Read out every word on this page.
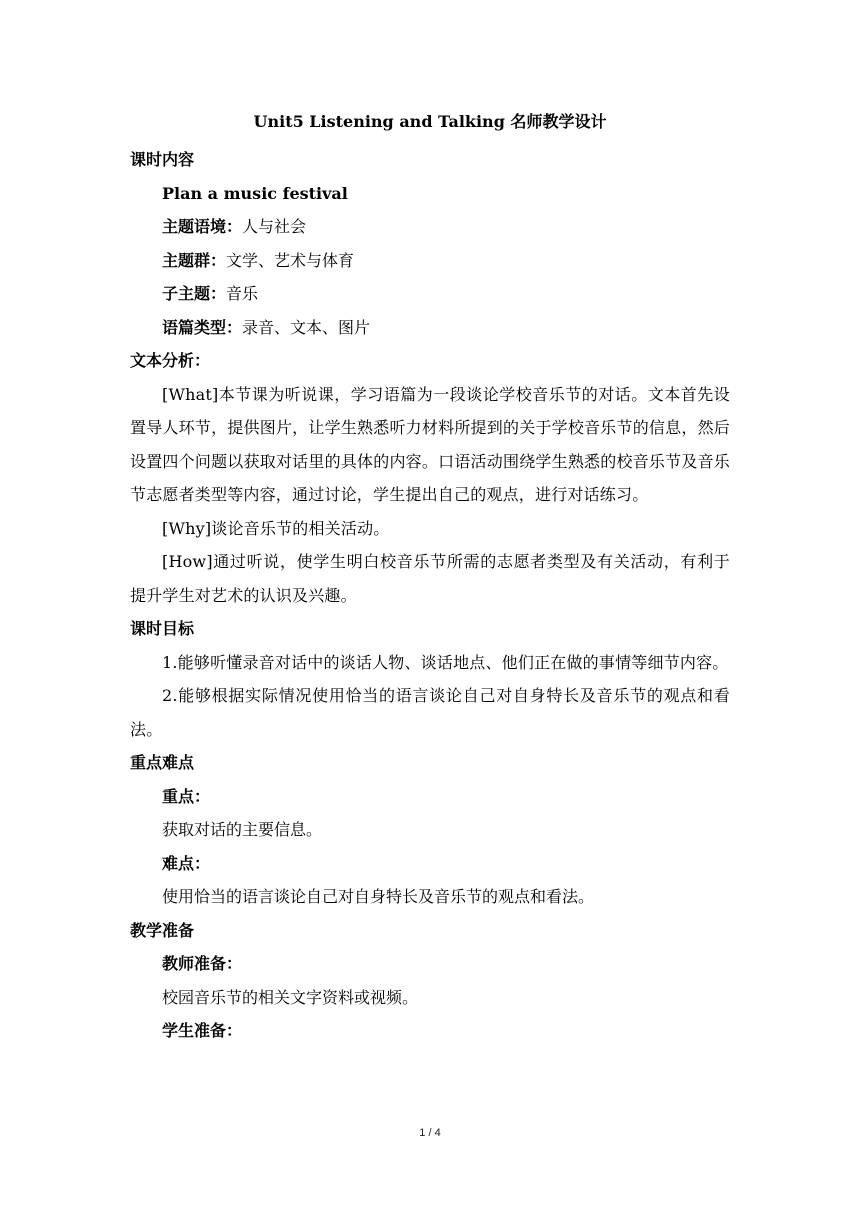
Unit5 Listening and Talking 名师教学设计
课时内容
Plan a music festival
主题语境：人与社会
主题群：文学、艺术与体育
子主题：音乐
语篇类型：录音、文本、图片
文本分析：
[What]本节课为听说课，学习语篇为一段谈论学校音乐节的对话。文本首先设置导人环节，提供图片，让学生熟悉听力材料所提到的关于学校音乐节的信息，然后设置四个问题以获取对话里的具体的内容。口语活动围绕学生熟悉的校音乐节及音乐节志愿者类型等内容，通过讨论，学生提出自己的观点，进行对话练习。
[Why]谈论音乐节的相关活动。
[How]通过听说，使学生明白校音乐节所需的志愿者类型及有关活动，有利于提升学生对艺术的认识及兴趣。
课时目标
1.能够听懂录音对话中的谈话人物、谈话地点、他们正在做的事情等细节内容。
2.能够根据实际情况使用恰当的语言谈论自己对自身特长及音乐节的观点和看法。
重点难点
重点：
获取对话的主要信息。
难点：
使用恰当的语言谈论自己对自身特长及音乐节的观点和看法。
教学准备
教师准备：
校园音乐节的相关文字资料或视频。
学生准备：
1 / 4
